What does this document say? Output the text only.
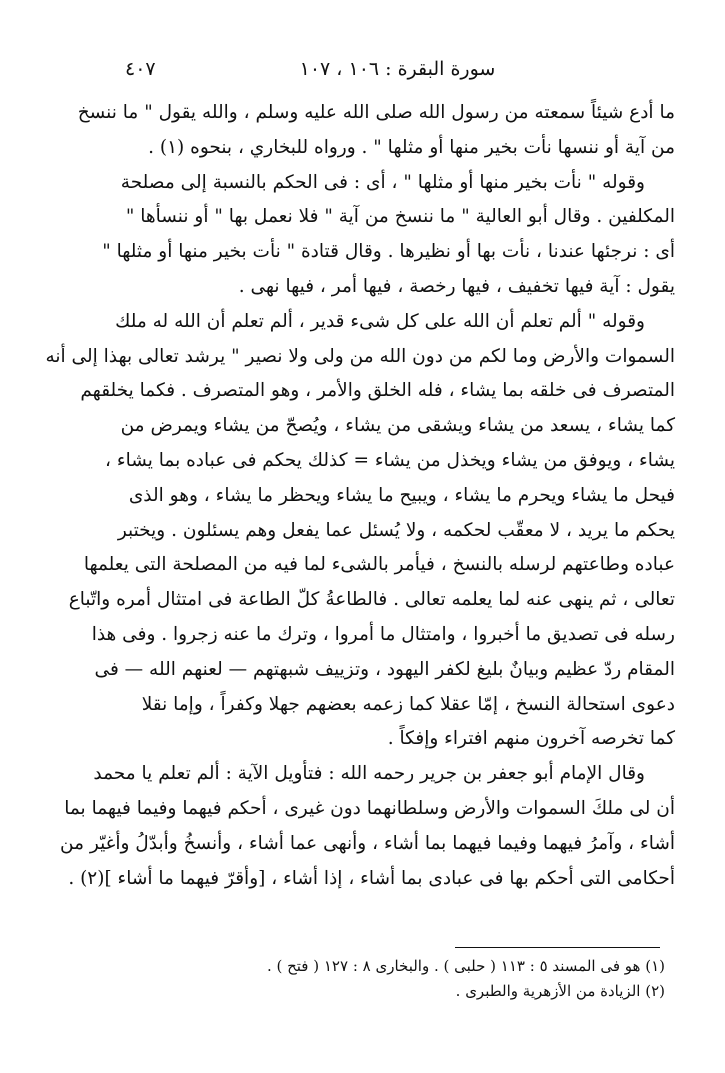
سورة البقرة : ١٠٦ ، ١٠٧
٤٠٧
ما أدع شيئاً سمعته من رسول الله صلى الله عليه وسلم ، والله يقول " ما ننسخ
من آية أو ننسها نأت بخير منها أو مثلها " . ورواه للبخاري ، بنحوه (١) .
وقوله " نأت بخير منها أو مثلها " ، أى : فى الحكم بالنسبة إلى مصلحة
المكلفين . وقال أبو العالية " ما ننسخ من آية " فلا نعمل بها " أو ننسأها "
أى : نرجئها عندنا ، نأت بها أو نظيرها . وقال قتادة " نأت بخير منها أو مثلها "
يقول : آية فيها تخفيف ، فيها رخصة ، فيها أمر ، فيها نهى .
وقوله " ألم تعلم أن الله على كل شىء قدير ، ألم تعلم أن الله له ملك
السموات والأرض وما لكم من دون الله من ولى ولا نصير " يرشد تعالى بهذا إلى أنه
المتصرف فى خلقه بما يشاء ، فله الخلق والأمر ، وهو المتصرف . فكما يخلقهم
كما يشاء ، يسعد من يشاء ويشقى من يشاء ، ويُصحّ من يشاء ويمرض من
يشاء ، ويوفق من يشاء ويخذل من يشاء = كذلك يحكم فى عباده بما يشاء ،
فيحل ما يشاء ويحرم ما يشاء ، ويبيح ما يشاء ويحظر ما يشاء ، وهو الذى
يحكم ما يريد ، لا معقّب لحكمه ، ولا يُسئل عما يفعل وهم يسئلون . ويختبر
عباده وطاعتهم لرسله بالنسخ ، فيأمر بالشىء لما فيه من المصلحة التى يعلمها
تعالى ، ثم ينهى عنه لما يعلمه تعالى . فالطاعةُ كلّ الطاعة فى امتثال أمره واتّباع
رسله فى تصديق ما أخبروا ، وامتثال ما أمروا ، وترك ما عنه زجروا . وفى هذا
المقام ردّ عظيم وبيانٌ بليغ لكفر اليهود ، وتزييف شبهتهم — لعنهم الله — فى
دعوى استحالة النسخ ، إمّا عقلا كما زعمه بعضهم جهلا وكفراً ، وإما نقلا
كما تخرصه آخرون منهم افتراء وإفكاً .
وقال الإمام أبو جعفر بن جرير رحمه الله : فتأويل الآية : ألم تعلم يا محمد
أن لى ملكَ السموات والأرض وسلطانهما دون غيرى ، أحكم فيهما وفيما فيهما بما
أشاء ، وآمرُ فيهما وفيما فيهما بما أشاء ، وأنهى عما أشاء ، وأنسخُ وأبدّلُ وأغيّر من
أحكامى التى أحكم بها فى عبادى بما أشاء ، إذا أشاء ، [وأقرّ فيهما ما أشاء ](٢) .
(١) هو فى المسند ٥ : ١١٣ ( حلبى ) . والبخارى ٨ : ١٢٧ ( فتح ) .
(٢) الزيادة من الأزهرية والطبرى .
